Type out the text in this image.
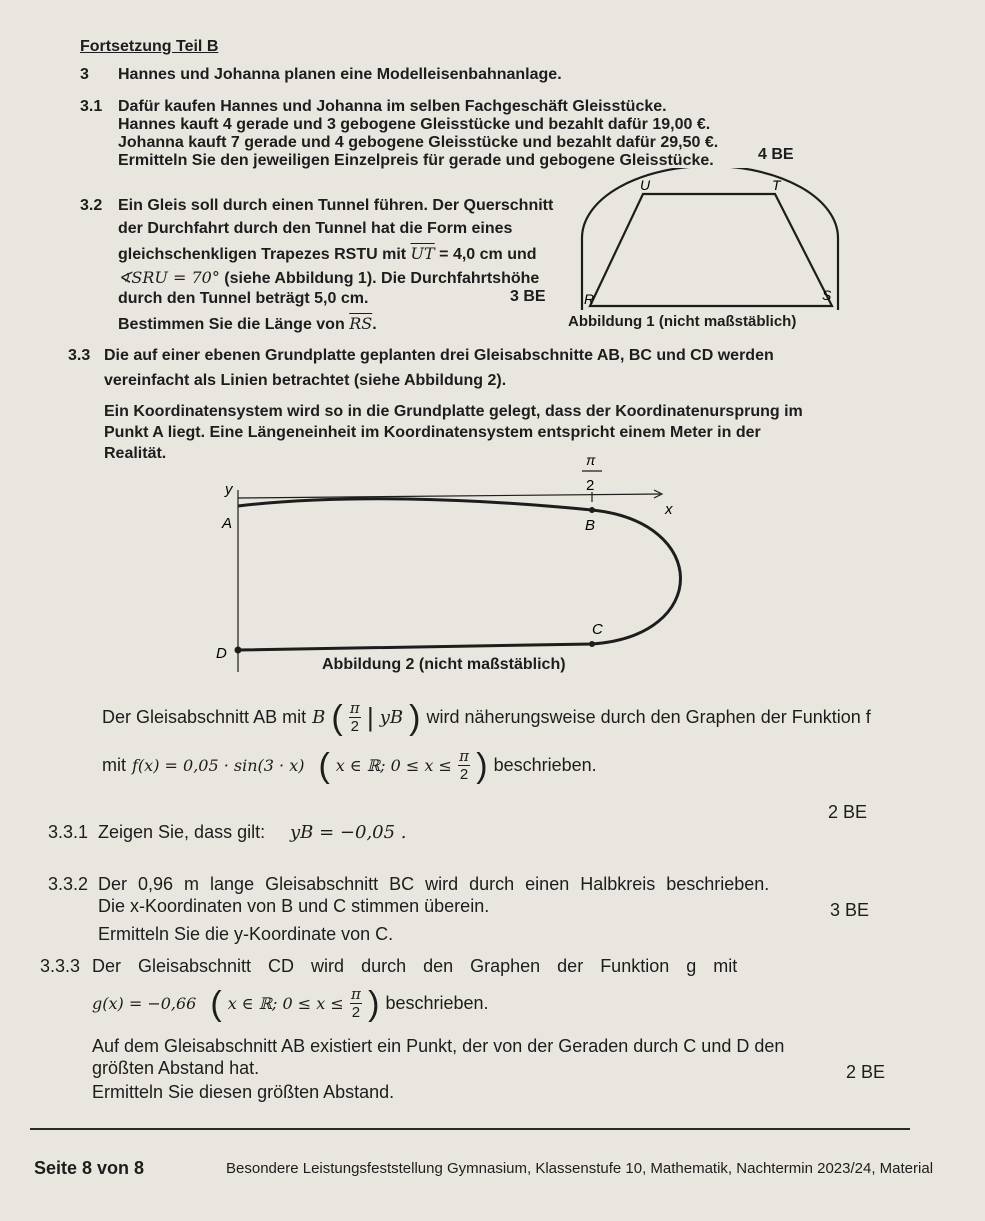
Fortsetzung Teil B
3 Hannes und Johanna planen eine Modelleisenbahnanlage.
3.1 Dafür kaufen Hannes und Johanna im selben Fachgeschäft Gleisstücke.
Hannes kauft 4 gerade und 3 gebogene Gleisstücke und bezahlt dafür 19,00 €.
Johanna kauft 7 gerade und 4 gebogene Gleisstücke und bezahlt dafür 29,50 €.
Ermitteln Sie den jeweiligen Einzelpreis für gerade und gebogene Gleisstücke.	4 BE
3.2 Ein Gleis soll durch einen Tunnel führen. Der Querschnitt
der Durchfahrt durch den Tunnel hat die Form eines
gleichschenkligen Trapezes RSTU mit $\overline{UT} = 4,0$ cm und
∢SRU = 70° (siehe Abbildung 1). Die Durchfahrtshöhe
durch den Tunnel beträgt 5,0 cm.
Bestimmen Sie die Länge von $\overline{RS}$.
3 BE
U	T
R	S
Abbildung 1 (nicht maßstäblich)
3.3 Die auf einer ebenen Grundplatte geplanten drei Gleisabschnitte AB, BC und CD werden
vereinfacht als Linien betrachtet (siehe Abbildung 2).
Ein Koordinatensystem wird so in die Grundplatte gelegt, dass der Koordinatenursprung im
Punkt A liegt. Eine Längeneinheit im Koordinatensystem entspricht einem Meter in der
Realität.	π
2
y
x
A	B
C
D
Abbildung 2 (nicht maßstäblich)
Der Gleisabschnitt AB mit B ( $\frac{\pi}{2}$ | yB ) wird näherungsweise durch den Graphen der Funktion f
mit f(x) = 0,05 · sin(3 · x) ( x ∈ ℝ; $0 \le x \le \frac{\pi}{2}$ ) beschrieben.
2 BE
3.3.1 Zeigen Sie, dass gilt: yB = −0,05 .
3.3.2 Der 0,96 m lange Gleisabschnitt BC wird durch einen Halbkreis beschrieben.
Die x-Koordinaten von B und C stimmen überein.	3 BE
Ermitteln Sie die y-Koordinate von C.
3.3.3 Der Gleisabschnitt CD wird durch den Graphen der Funktion g mit
g(x) = −0,66 ( x ∈ ℝ; $0 \le x \le \frac{\pi}{2}$ ) beschrieben.
Auf dem Gleisabschnitt AB existiert ein Punkt, der von der Geraden durch C und D den
größten Abstand hat.	2 BE
Ermitteln Sie diesen größten Abstand.
Seite 8 von 8	Besondere Leistungsfeststellung Gymnasium, Klassenstufe 10, Mathematik, Nachtermin 2023/24, Material
